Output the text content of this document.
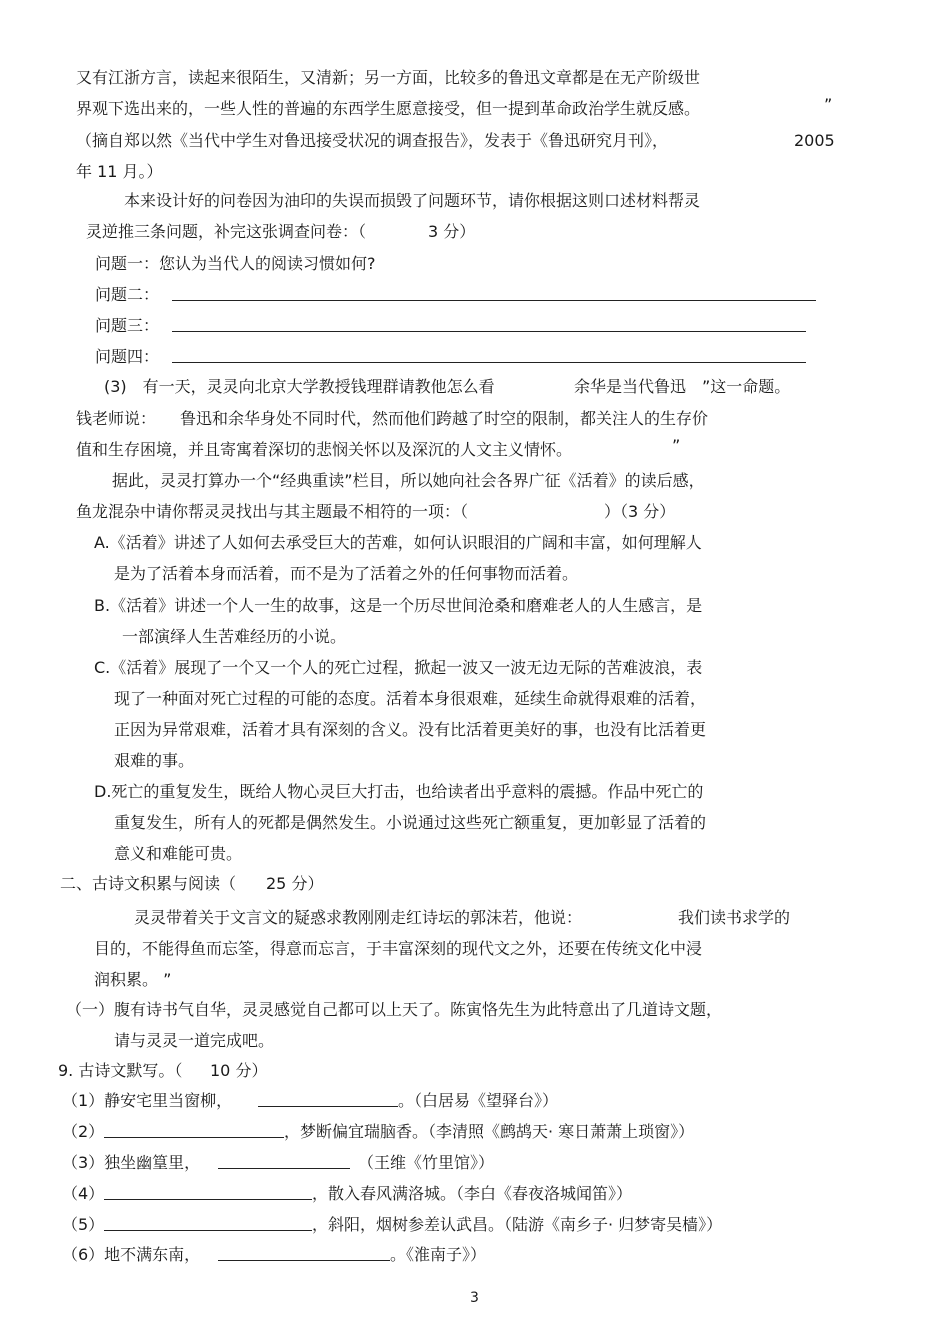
又有江浙方言，读起来很陌生，又清新；另一方面，比较多的鲁迅文章都是在无产阶级世
界观下选出来的，一些人性的普遍的东西学生愿意接受，但一提到革命政治学生就反感。	”
（摘自郑以然《当代中学生对鲁迅接受状况的调查报告》，发表于《鲁迅研究月刊》，	2005
年 11 月。）
本来设计好的问卷因为油印的失误而损毁了问题环节，请你根据这则口述材料帮灵
灵逆推三条问题，补完这张调查问卷：（	3 分）
问题一：您认为当代人的阅读习惯如何?
问题二：
问题三：
问题四：
(3)　有一天，灵灵向北京大学教授钱理群请教他怎么看	余华是当代鲁迅 ”这一命题。
钱老师说： 鲁迅和余华身处不同时代，然而他们跨越了时空的限制，都关注人的生存价
值和生存困境，并且寄寓着深切的悲悯关怀以及深沉的人文主义情怀。	”
据此，灵灵打算办一个“经典重读”栏目，所以她向社会各界广征《活着》的读后感，
鱼龙混杂中请你帮灵灵找出与其主题最不相符的一项：（	）（3 分）
A.《活着》讲述了人如何去承受巨大的苦难，如何认识眼泪的广阔和丰富，如何理解人
是为了活着本身而活着，而不是为了活着之外的任何事物而活着。
B.《活着》讲述一个人一生的故事，这是一个历尽世间沧桑和磨难老人的人生感言，是
一部演绎人生苦难经历的小说。
C.《活着》展现了一个又一个人的死亡过程，掀起一波又一波无边无际的苦难波浪，表
现了一种面对死亡过程的可能的态度。活着本身很艰难，延续生命就得艰难的活着，
正因为异常艰难，活着才具有深刻的含义。没有比活着更美好的事，也没有比活着更
艰难的事。
D.死亡的重复发生，既给人物心灵巨大打击，也给读者出乎意料的震撼。作品中死亡的
重复发生，所有人的死都是偶然发生。小说通过这些死亡额重复，更加彰显了活着的
意义和难能可贵。
二、古诗文积累与阅读（ 25 分）
灵灵带着关于文言文的疑惑求教刚刚走红诗坛的郭沫若，他说：	我们读书求学的
目的，不能得鱼而忘筌，得意而忘言，于丰富深刻的现代文之外，还要在传统文化中浸
润积累。 ”
（一）腹有诗书气自华，灵灵感觉自己都可以上天了。陈寅恪先生为此特意出了几道诗文题，
请与灵灵一道完成吧。
9. 古诗文默写。（ 10 分）
（1）静安宅里当窗柳，	。（白居易《望驿台》）
（2）	，梦断偏宜瑞脑香。（李清照《鹧鸪天· 寒日萧萧上琐窗》）
（3）独坐幽篁里，	（王维《竹里馆》）
（4）	，散入春风满洛城。（李白《春夜洛城闻笛》）
（5）	，斜阳，烟树参差认武昌。（陆游《南乡子· 归梦寄吴樯》）
（6）地不满东南，	。《淮南子》）
3
